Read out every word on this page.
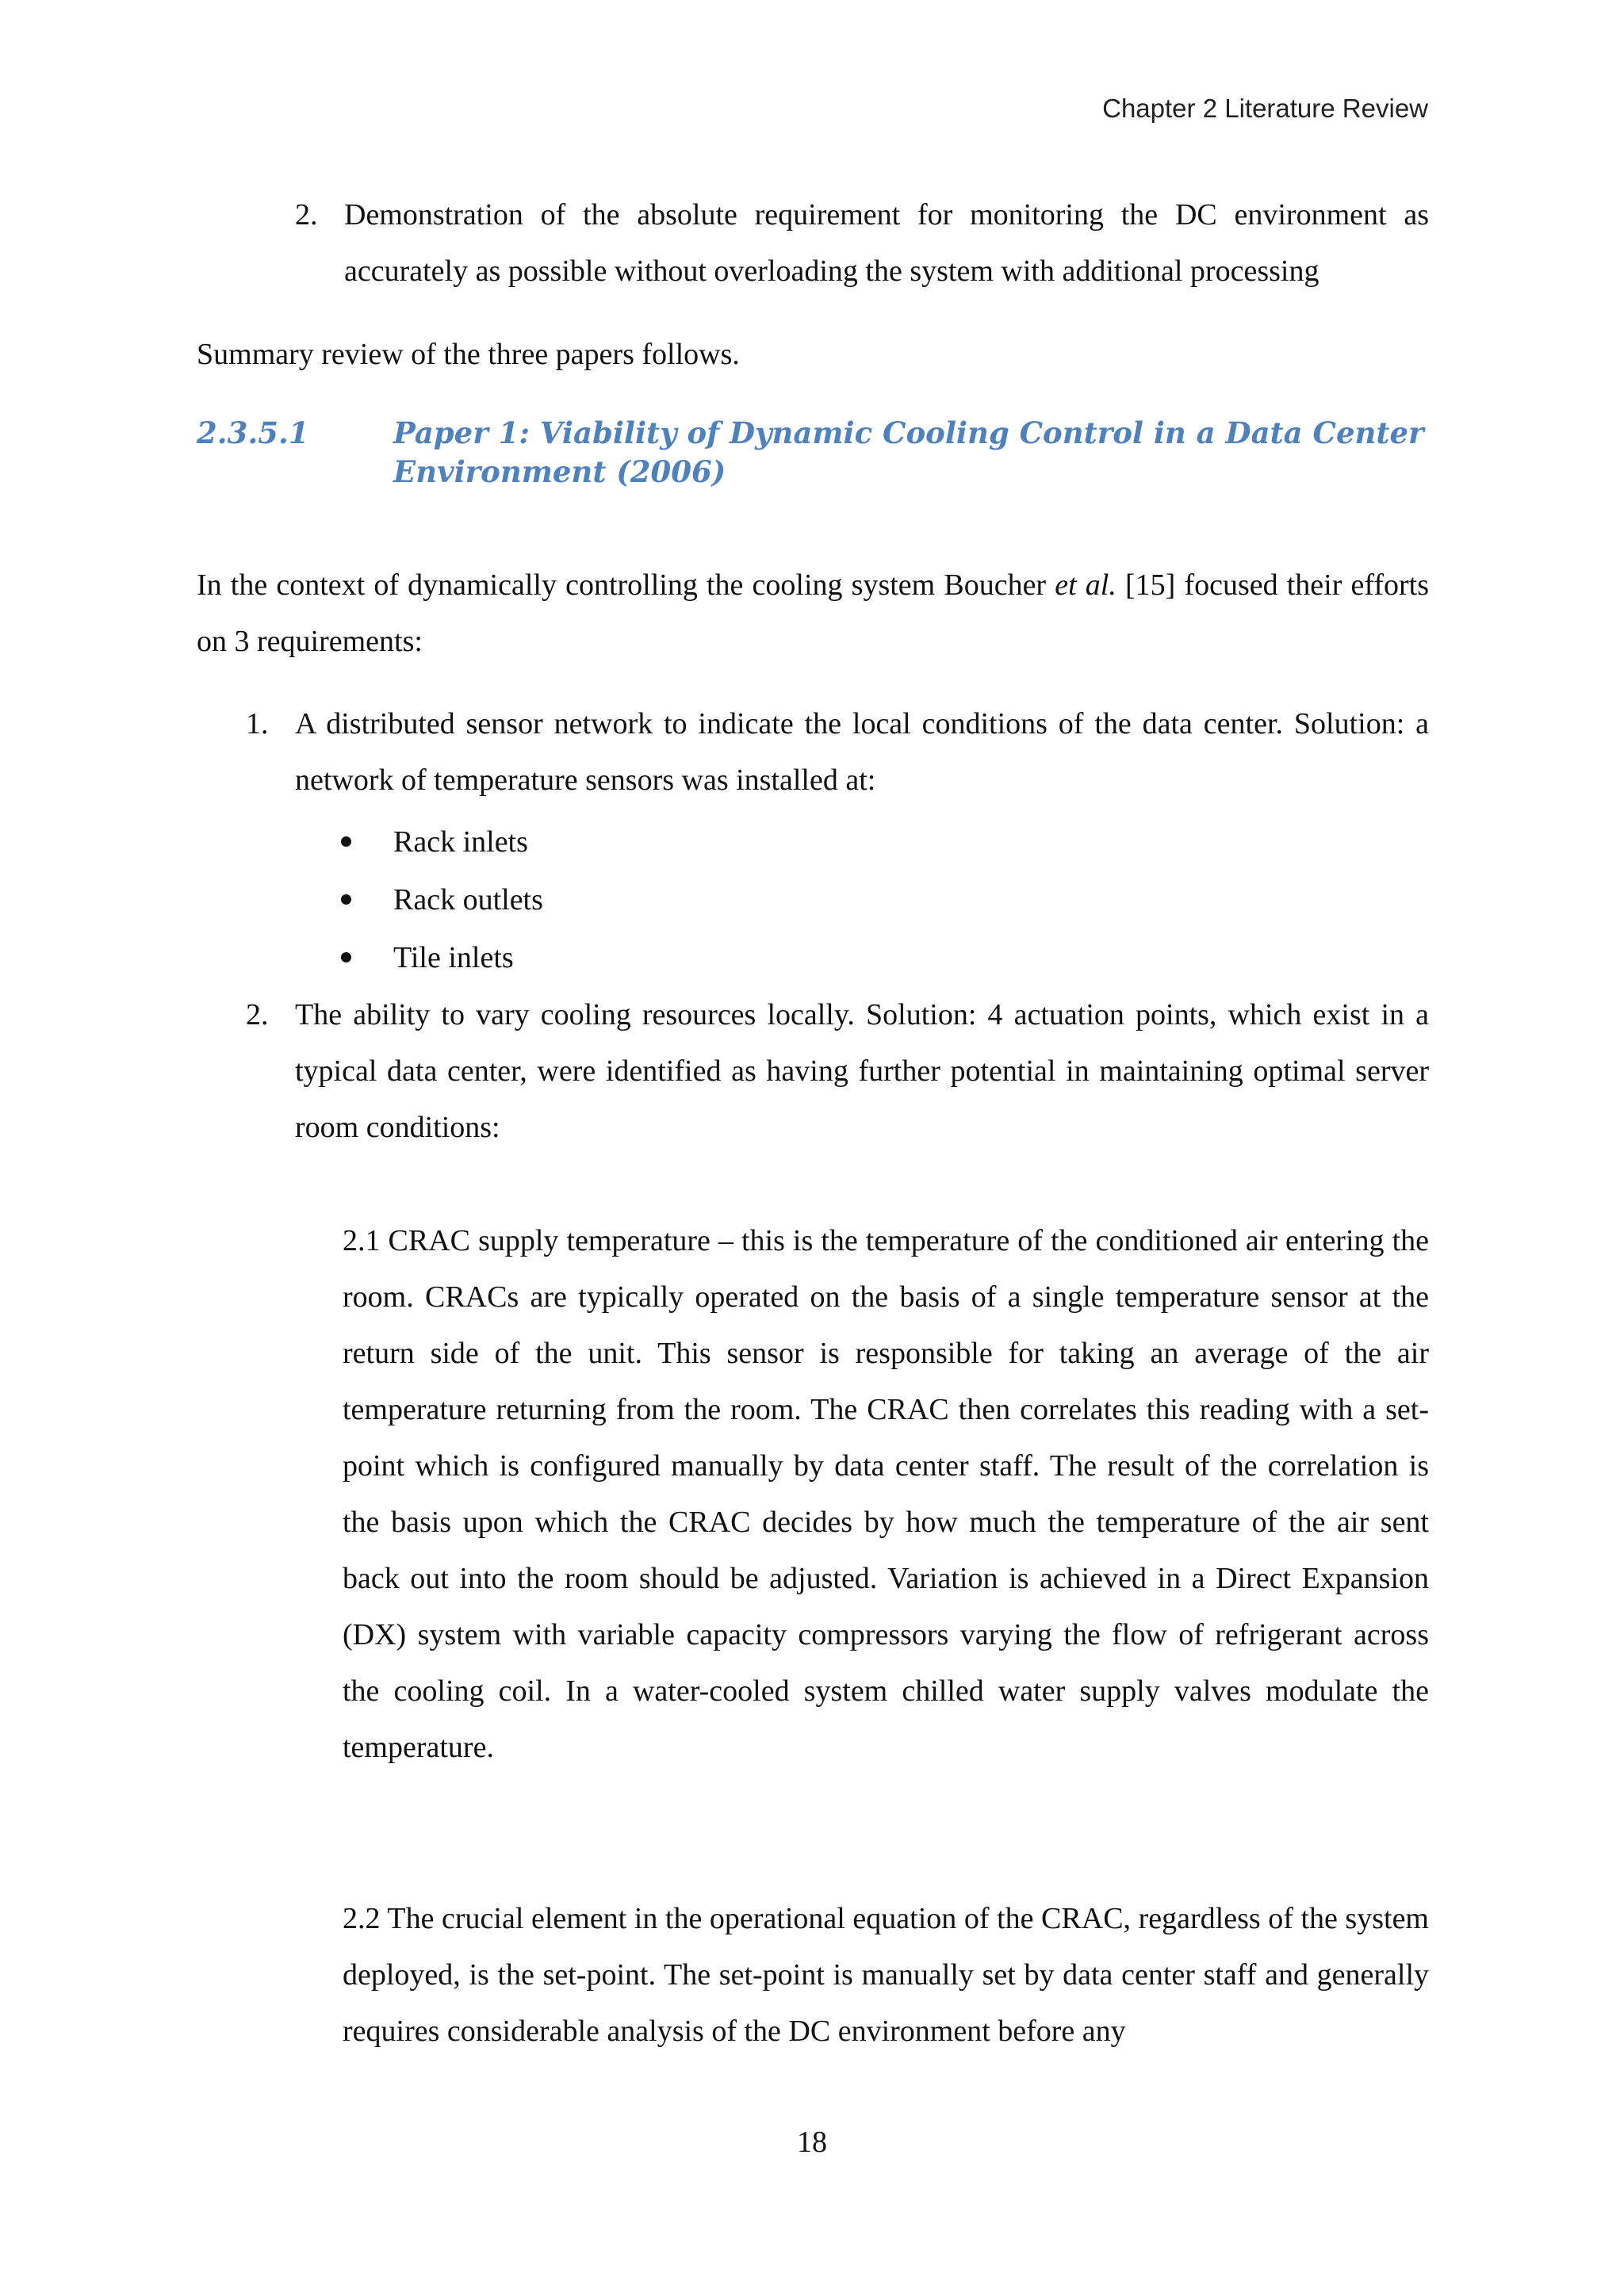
Chapter 2 Literature Review
2. Demonstration of the absolute requirement for monitoring the DC environment as accurately as possible without overloading the system with additional processing
Summary review of the three papers follows.
2.3.5.1	Paper 1: Viability of Dynamic Cooling Control in a Data Center Environment (2006)
In the context of dynamically controlling the cooling system Boucher et al. [15] focused their efforts on 3 requirements:
1. A distributed sensor network to indicate the local conditions of the data center. Solution: a network of temperature sensors was installed at:
Rack inlets
Rack outlets
Tile inlets
2. The ability to vary cooling resources locally. Solution: 4 actuation points, which exist in a typical data center, were identified as having further potential in maintaining optimal server room conditions:
2.1 CRAC supply temperature – this is the temperature of the conditioned air entering the room. CRACs are typically operated on the basis of a single temperature sensor at the return side of the unit. This sensor is responsible for taking an average of the air temperature returning from the room. The CRAC then correlates this reading with a set-point which is configured manually by data center staff. The result of the correlation is the basis upon which the CRAC decides by how much the temperature of the air sent back out into the room should be adjusted. Variation is achieved in a Direct Expansion (DX) system with variable capacity compressors varying the flow of refrigerant across the cooling coil. In a water-cooled system chilled water supply valves modulate the temperature.
2.2 The crucial element in the operational equation of the CRAC, regardless of the system deployed, is the set-point. The set-point is manually set by data center staff and generally requires considerable analysis of the DC environment before any
18
